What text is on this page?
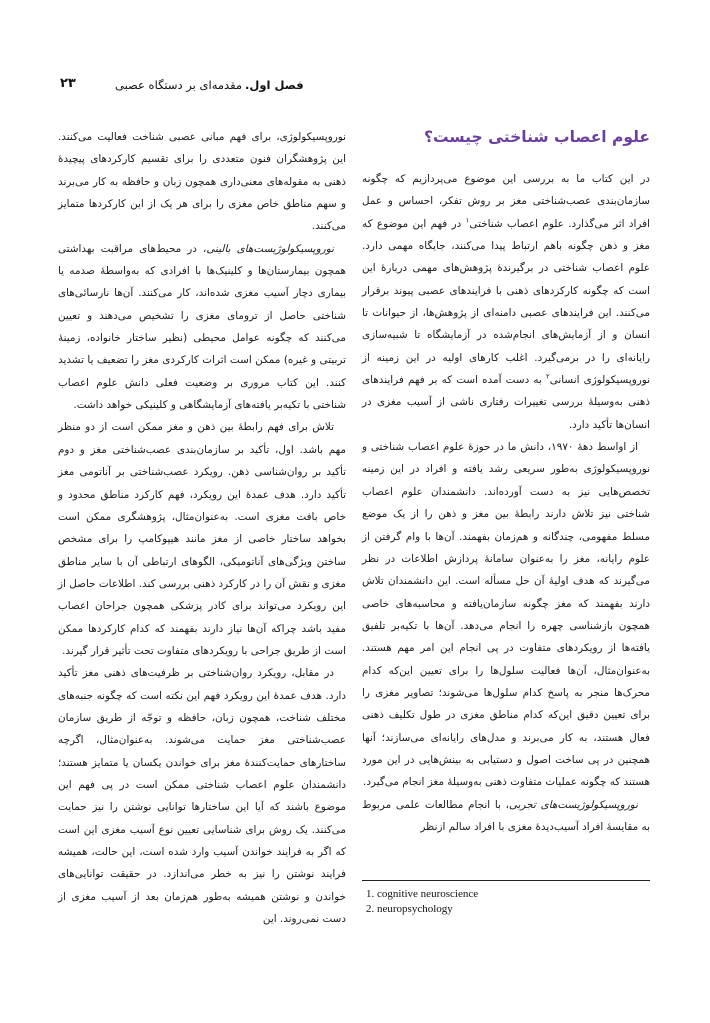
فصل اول.مقدمه‌ای بر دستگاه عصبی
۲۳
علوم اعصاب شناختی چیست؟

در این کتاب ما به بررسی این موضوع می‌پردازیم که چگونه سازمان‌بندی عصب‌شناختی مغز بر روش تفکر، احساس و عمل افراد اثر می‌گذارد. علوم اعصاب شناختی$^۱$ در فهم این موضوع که مغز و ذهن چگونه باهم ارتباط پیدا می‌کنند، جایگاه مهمی دارد. علوم اعصاب شناختی در برگیرندهٔ پژوهش‌های مهمی دربارهٔ این است که چگونه کارکردهای ذهنی با فرایندهای عصبی پیوند برقرار می‌کنند. این فرایندهای عصبی دامنه‌ای از پژوهش‌ها، از حیوانات تا انسان و از آزمایش‌های انجام‌شده در آزمایشگاه تا شبیه‌سازی رایانه‌ای را در برمی‌گیرد. اغلب کارهای اولیه در این زمینه از نوروپسیکولوژی انسانی$^۲$ به دست آمده است که بر فهم فرایندهای ذهنی به‌وسیلهٔ بررسی تغییرات رفتاری ناشی از آسیب مغزی در انسان‌ها تأکید دارد.

از اواسط دههٔ ۱۹۷۰، دانش ما در حوزهٔ علوم اعصاب شناختی و نوروپسیکولوژی به‌طور سریعی رشد یافته و افراد در این زمینه تخصص‌هایی نیز به دست آورده‌اند. دانشمندان علوم اعصاب شناختی نیز تلاش دارند رابطهٔ بین مغز و ذهن را از یک موضع مسلط مفهومی، چندگانه و هم‌زمان بفهمند. آن‌ها با وام گرفتن از علوم رایانه، مغز را به‌عنوان سامانهٔ پردازش اطلاعات در نظر می‌گیرند که هدف اولیهٔ آن حل مسأله است. این دانشمندان تلاش دارند بفهمند که مغز چگونه سازمان‌یافته و محاسبه‌های خاصی همچون بازشناسی چهره را انجام می‌دهد. آن‌ها با تکیه‌بر تلفیق یافته‌ها از رویکردهای متفاوت در پی انجام این امر مهم هستند. به‌عنوان‌مثال، آن‌ها فعالیت سلول‌ها را برای تعیین این‌که کدام محرک‌ها منجر به پاسخ کدام سلول‌ها می‌شوند؛ تصاویر مغزی را برای تعیین دقیق این‌که کدام مناطق مغزی در طول تکلیف ذهنی فعال هستند، به کار می‌برند و مدل‌های رایانه‌ای می‌سازند؛ آنها همچنین در پی ساخت اصول و دستیابی به بینش‌هایی در این مورد هستند که چگونه عملیات متفاوت ذهنی به‌وسیلهٔ مغز انجام می‌گیرد.

نوروپسیکولوژیست‌های تجربی، با انجام مطالعات علمی مربوط به مقایسهٔ افراد آسیب‌دیدهٔ مغزی با افراد سالم ازنظر

نوروپسیکولوژی، برای فهم مبانی عصبی شناخت فعالیت می‌کنند. این پژوهشگران فنون متعددی را برای تقسیم کارکردهای پیچیدهٔ ذهنی به مقوله‌های معنی‌داری همچون زبان و حافظه به کار می‌برند و سهم مناطق خاص مغزی را برای هر یک از این کارکردها متمایز می‌کنند.

نوروپسیکولوژیست‌های بالینی، در محیط‌های مراقبت بهداشتی همچون بیمارستان‌ها و کلینیک‌ها با افرادی که به‌واسطهٔ صدمه یا بیماری دچار آسیب مغزی شده‌اند، کار می‌کنند. آن‌ها نارسائی‌های شناختی حاصل از ترومای مغزی را تشخیص می‌دهند و تعیین می‌کنند که چگونه عوامل محیطی (نظیر ساختار خانواده، زمینهٔ تربیتی و غیره) ممکن است اثرات کارکردی مغز را تضعیف یا تشدید کنند. این کتاب مروری بر وضعیت فعلی دانش علوم اعصاب شناختی با تکیه‌بر یافته‌های آزمایشگاهی و کلینیکی خواهد داشت.

تلاش برای فهم رابطهٔ بین ذهن و مغز ممکن است از دو منظر مهم باشد. اول، تأکید بر سازمان‌بندی عصب‌شناختی مغز و دوم تأکید بر روان‌شناسی ذهن. رویکرد عصب‌شناختی بر آناتومی مغز تأکید دارد. هدف عمدهٔ این رویکرد، فهم کارکرد مناطق محدود و خاص بافت مغزی است. به‌عنوان‌مثال، پژوهشگری ممکن است بخواهد ساختار خاصی از مغز مانند هیپوکامپ را برای مشخص ساختن ویژگی‌های آناتومیکی، الگوهای ارتباطی آن با سایر مناطق مغزی و نقش آن را در کارکرد ذهنی بررسی کند. اطلاعات حاصل از این رویکرد می‌تواند برای کادر پزشکی همچون جراحان اعصاب مفید باشد چراکه آن‌ها نیاز دارند بفهمند که کدام کارکردها ممکن است از طریق جراحی با رویکردهای متفاوت تحت تأثیر قرار گیرند.

در مقابل، رویکرد روان‌شناختی بر ظرفیت‌های ذهنی مغز تأکید دارد. هدف عمدهٔ این رویکرد فهم این نکته است که چگونه جنبه‌های مختلف شناخت، همچون زبان، حافظه و توجّه از طریق سازمان عصب‌شناختی مغز حمایت می‌شوند. به‌عنوان‌مثال، اگرچه ساختارهای حمایت‌کنندهٔ مغز برای خواندن یکسان یا متمایز هستند؛ دانشمندان علوم اعصاب شناختی ممکن است در پی فهم این موضوع باشند که آیا این ساختارها توانایی نوشتن را نیز حمایت می‌کنند. یک روش برای شناسایی تعیین نوع آسیب مغزی این است که اگر به فرایند خواندن آسیب وارد شده است، این حالت، همیشه فرایند نوشتن را نیز به خطر می‌اندازد. در حقیقت توانایی‌های خواندن و نوشتن همیشه به‌طور هم‌زمان بعد از آسیب مغزی از دست نمی‌روند. این

1. cognitive neuroscience
2. neuropsychology
